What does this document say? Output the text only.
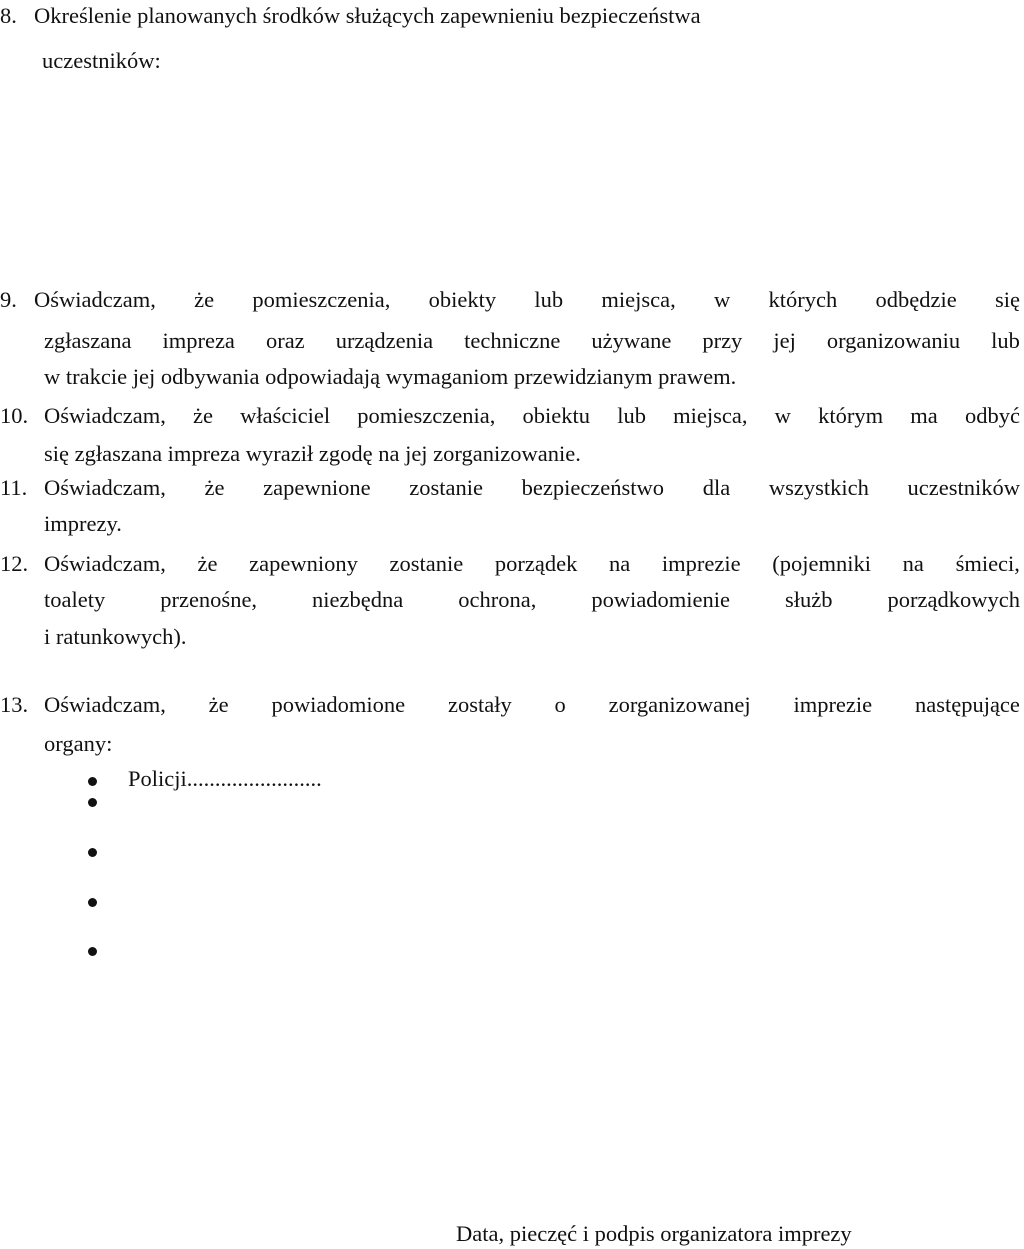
8. Określenie planowanych środków służących zapewnieniu bezpieczeństwa
uczestników:
9. Oświadczam, że pomieszczenia, obiekty lub miejsca, w których odbędzie się
zgłaszana impreza oraz urządzenia techniczne używane przy jej organizowaniu lub
w trakcie jej odbywania odpowiadają wymaganiom przewidzianym prawem.
10. Oświadczam, że właściciel pomieszczenia, obiektu lub miejsca, w którym ma odbyć
się zgłaszana impreza wyraził zgodę na jej zorganizowanie.
11. Oświadczam, że zapewnione zostanie bezpieczeństwo dla wszystkich uczestników
imprezy.
12. Oświadczam, że zapewniony zostanie porządek na imprezie (pojemniki na śmieci,
toalety przenośne, niezbędna ochrona, powiadomienie służb porządkowych
i ratunkowych).
13. Oświadczam, że powiadomione zostały o zorganizowanej imprezie następujące
organy:
Policji........................
Data, pieczęć i podpis organizatora imprezy
